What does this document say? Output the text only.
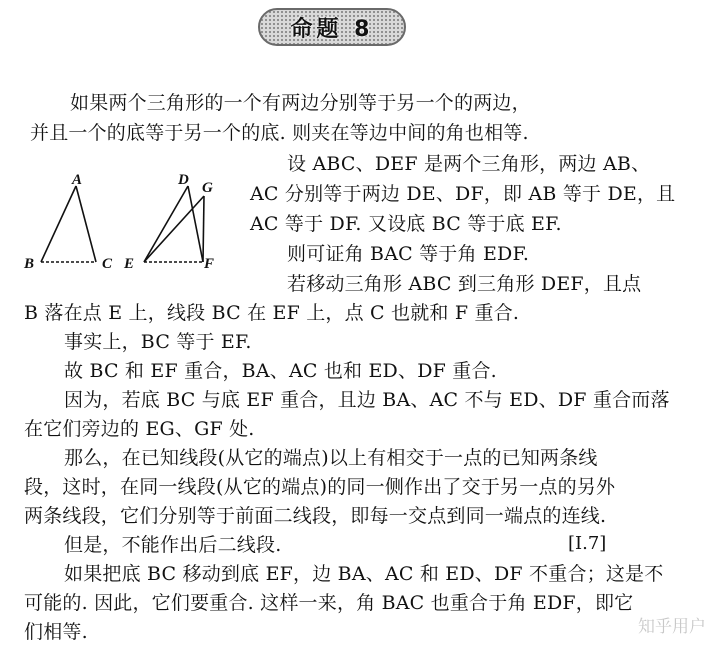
命题 8
如果两个三角形的一个有两边分别等于另一个的两边，
并且一个的底等于另一个的底. 则夹在等边中间的角也相等.
A
B	C
D G
E	F
设 ABC、DEF 是两个三角形，两边 AB、
AC 分别等于两边 DE、DF，即 AB 等于 DE，且
AC 等于 DF. 又设底 BC 等于底 EF.
则可证角 BAC 等于角 EDF.
若移动三角形 ABC 到三角形 DEF，且点
B 落在点 E 上，线段 BC 在 EF 上，点 C 也就和 F 重合.
事实上，BC 等于 EF.
故 BC 和 EF 重合，BA、AC 也和 ED、DF 重合.
因为，若底 BC 与底 EF 重合，且边 BA、AC 不与 ED、DF 重合而落
在它们旁边的 EG、GF 处.
那么，在已知线段(从它的端点)以上有相交于一点的已知两条线
段，这时，在同一线段(从它的端点)的同一侧作出了交于另一点的另外
两条线段，它们分别等于前面二线段，即每一交点到同一端点的连线.
但是，不能作出后二线段.	[I.7]
如果把底 BC 移动到底 EF，边 BA、AC 和 ED、DF 不重合；这是不
可能的. 因此，它们要重合. 这样一来，角 BAC 也重合于角 EDF，即它
们相等.	知乎用户
